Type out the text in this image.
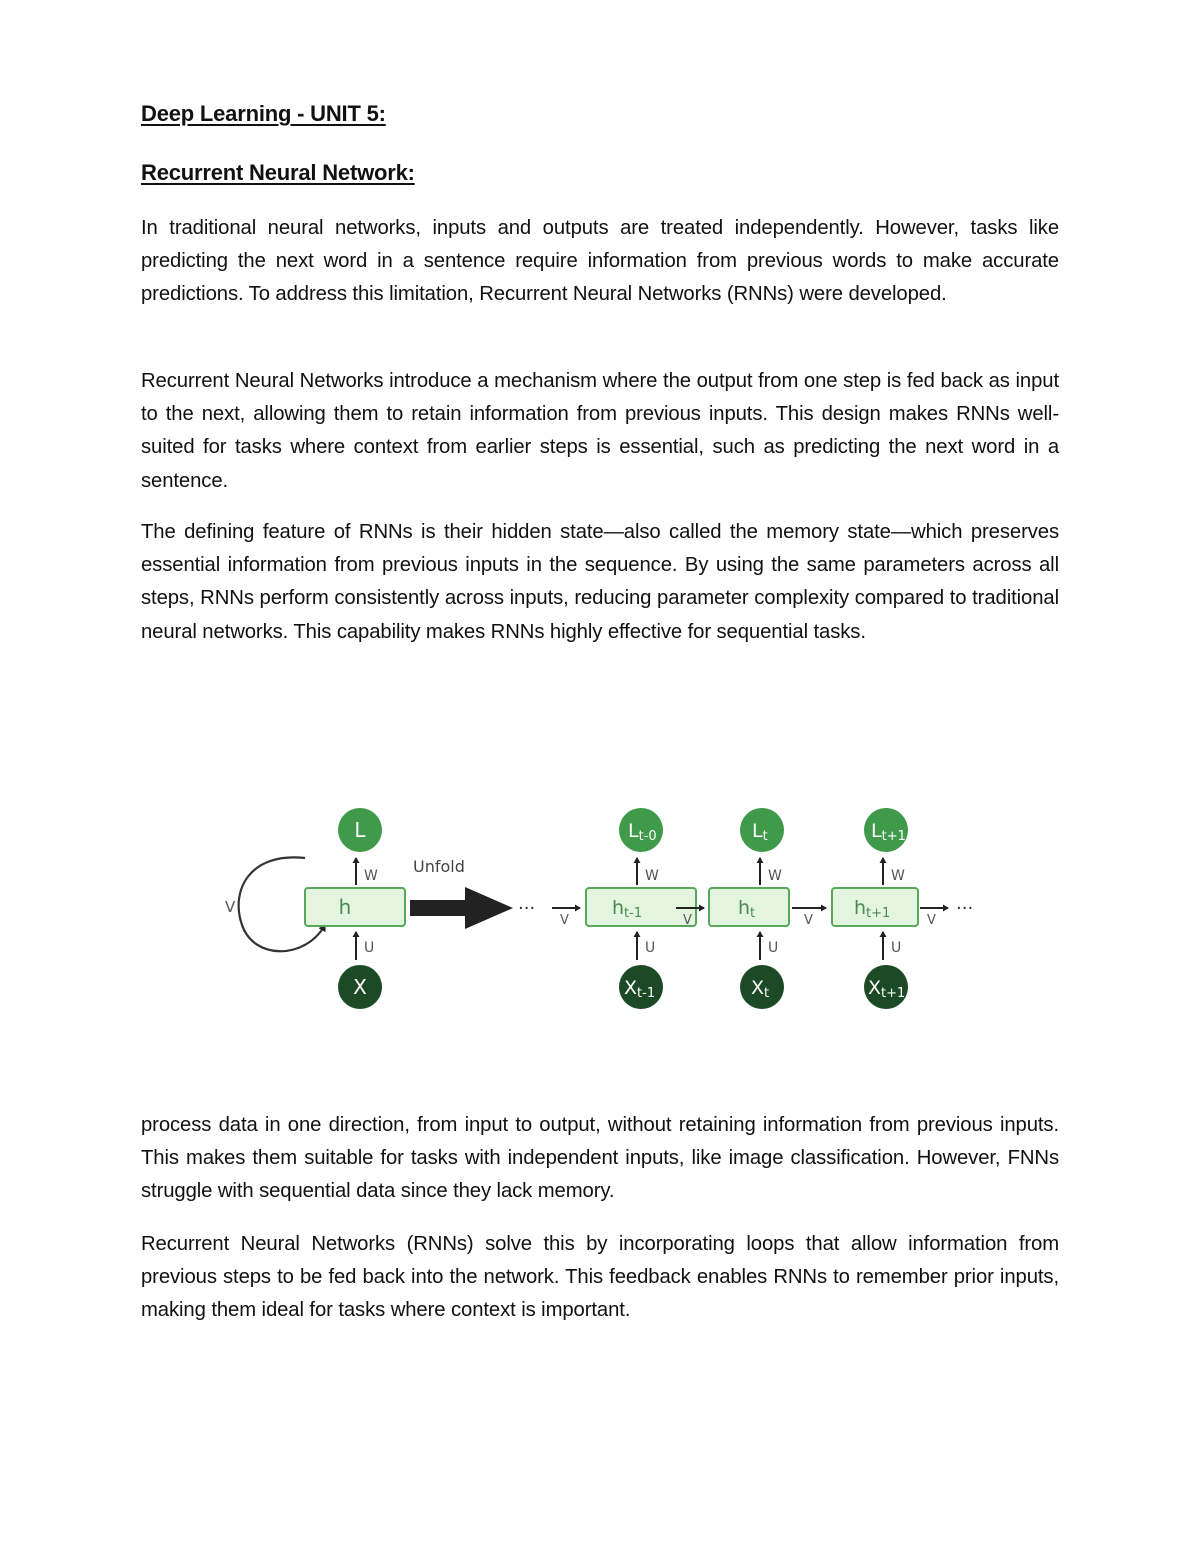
Deep Learning - UNIT 5:
Recurrent Neural Network:

In traditional neural networks, inputs and outputs are treated independently. However, tasks like predicting the next word in a sentence require information from previous words to make accurate predictions. To address this limitation, Recurrent Neural Networks (RNNs) were developed.

Recurrent Neural Networks introduce a mechanism where the output from one step is fed back as input to the next, allowing them to retain information from previous inputs. This design makes RNNs well-suited for tasks where context from earlier steps is essential, such as predicting the next word in a sentence.

The defining feature of RNNs is their hidden state—also called the memory state—which preserves essential information from previous inputs in the sequence. By using the same parameters across all steps, RNNs perform consistently across inputs, reducing parameter complexity compared to traditional neural networks. This capability makes RNNs highly effective for sequential tasks.

V
L
W
h
U
X
Unfold
···
V
Lt-0
W
ht-1
U
Xt-1
V
Lt
W
ht
U
Xt
V
Lt+1
W
ht+1
U
Xt+1
V
···

process data in one direction, from input to output, without retaining information from previous inputs. This makes them suitable for tasks with independent inputs, like image classification. However, FNNs struggle with sequential data since they lack memory.

Recurrent Neural Networks (RNNs) solve this by incorporating loops that allow information from previous steps to be fed back into the network. This feedback enables RNNs to remember prior inputs, making them ideal for tasks where context is important.
